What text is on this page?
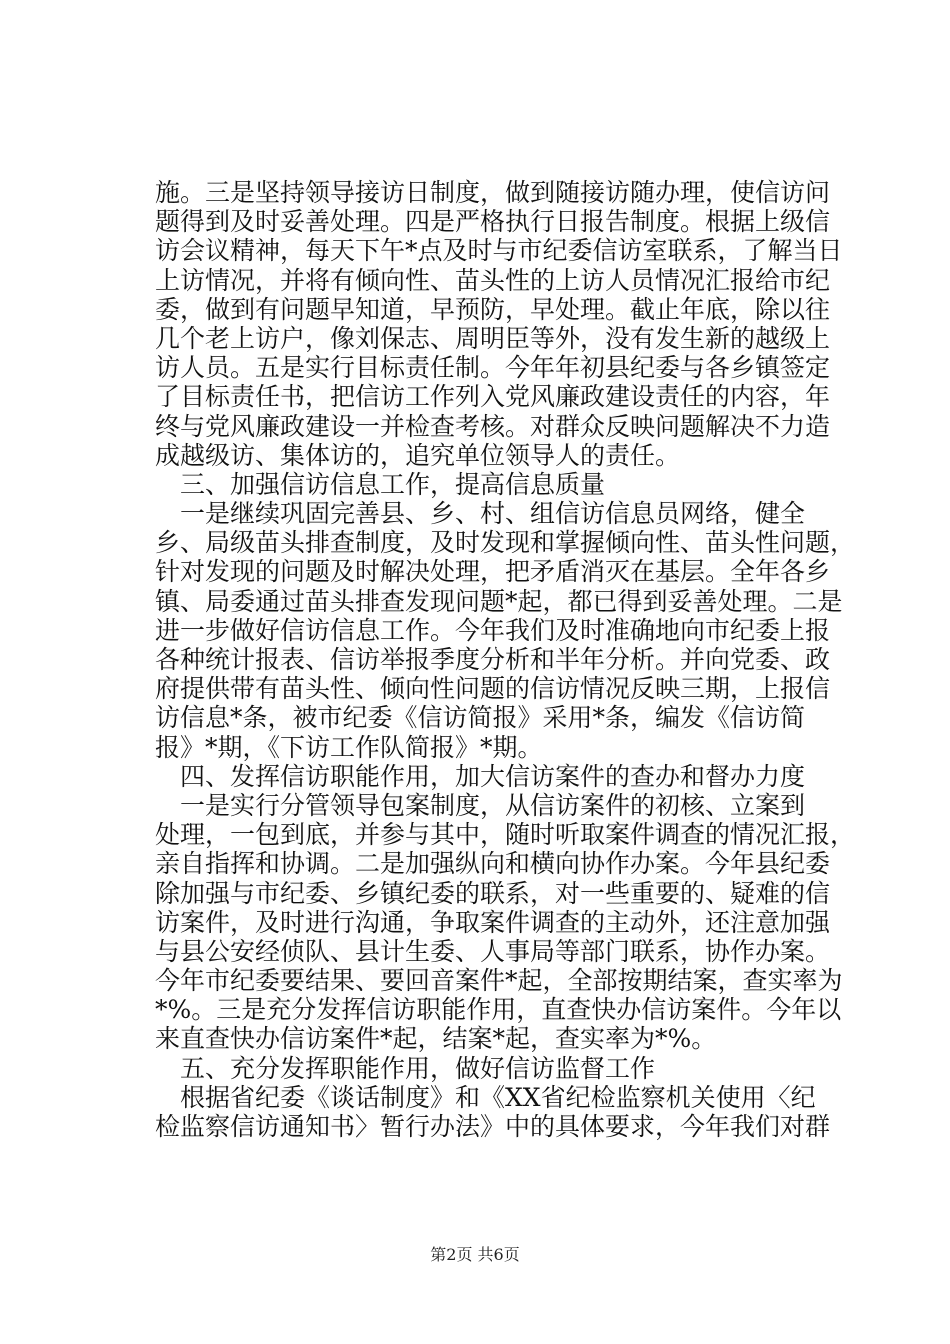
施。三是坚持领导接访日制度，做到随接访随办理，使信访问
题得到及时妥善处理。四是严格执行日报告制度。根据上级信
访会议精神，每天下午*点及时与市纪委信访室联系，了解当日
上访情况，并将有倾向性、苗头性的上访人员情况汇报给市纪
委，做到有问题早知道，早预防，早处理。截止年底，除以往
几个老上访户，像刘保志、周明臣等外，没有发生新的越级上
访人员。五是实行目标责任制。今年年初县纪委与各乡镇签定
了目标责任书，把信访工作列入党风廉政建设责任的内容，年
终与党风廉政建设一并检查考核。对群众反映问题解决不力造
成越级访、集体访的，追究单位领导人的责任。
三、加强信访信息工作，提高信息质量
一是继续巩固完善县、乡、村、组信访信息员网络，健全
乡、局级苗头排查制度，及时发现和掌握倾向性、苗头性问题，
针对发现的问题及时解决处理，把矛盾消灭在基层。全年各乡
镇、局委通过苗头排查发现问题*起，都已得到妥善处理。二是
进一步做好信访信息工作。今年我们及时准确地向市纪委上报
各种统计报表、信访举报季度分析和半年分析。并向党委、政
府提供带有苗头性、倾向性问题的信访情况反映三期，上报信
访信息*条，被市纪委《信访简报》采用*条，编发《信访简
报》*期，《下访工作队简报》*期。
四、发挥信访职能作用，加大信访案件的查办和督办力度
一是实行分管领导包案制度，从信访案件的初核、立案到
处理，一包到底，并参与其中，随时听取案件调查的情况汇报，
亲自指挥和协调。二是加强纵向和横向协作办案。今年县纪委
除加强与市纪委、乡镇纪委的联系，对一些重要的、疑难的信
访案件，及时进行沟通，争取案件调查的主动外，还注意加强
与县公安经侦队、县计生委、人事局等部门联系，协作办案。
今年市纪委要结果、要回音案件*起，全部按期结案，查实率为
*%。三是充分发挥信访职能作用，直查快办信访案件。今年以
来直查快办信访案件*起，结案*起，查实率为*%。
五、充分发挥职能作用，做好信访监督工作
根据省纪委《谈话制度》和《XX省纪检监察机关使用〈纪
检监察信访通知书〉暂行办法》中的具体要求，今年我们对群
第2页 共6页
